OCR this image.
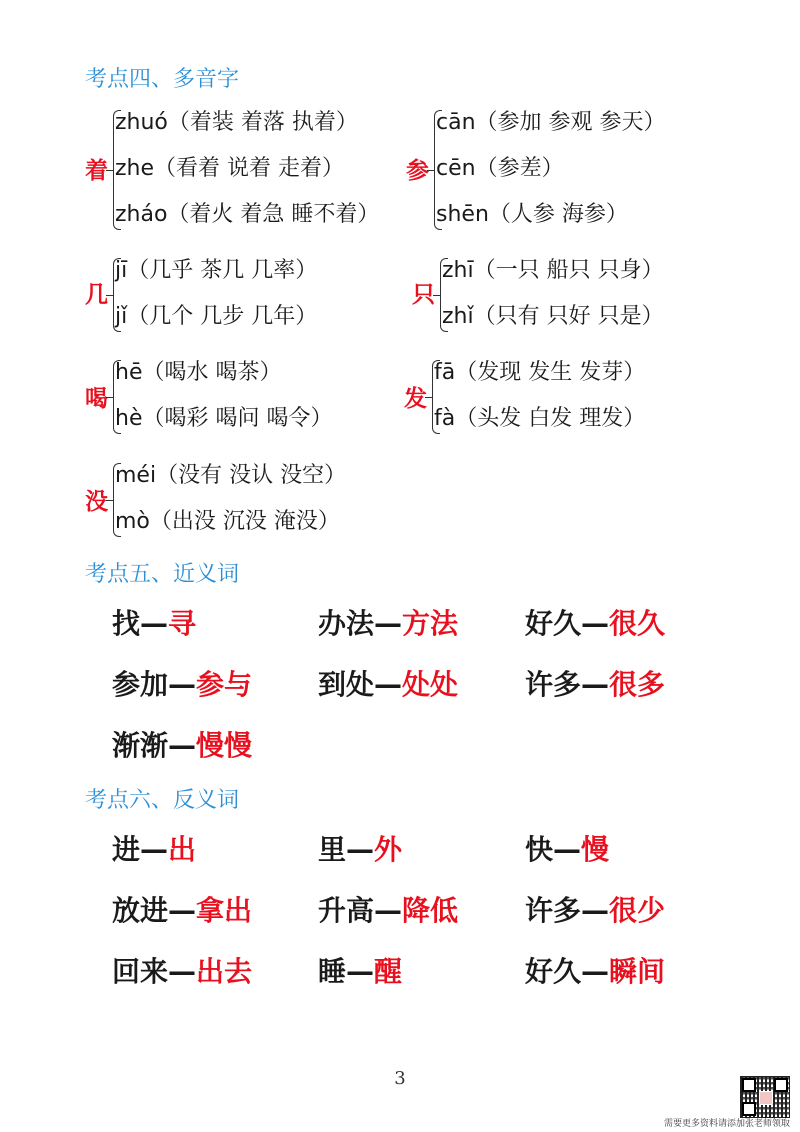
考点四、多音字
着
zhuó（着装 着落 执着）
zhe（看着 说着 走着）
zháo（着火 着急 睡不着）
参
cān（参加 参观 参天）
cēn（参差）
shēn（人参 海参）
几
jī（几乎 茶几 几率）
jǐ（几个 几步 几年）
只
zhī（一只 船只 只身）
zhǐ（只有 只好 只是）
喝
hē（喝水 喝茶）
hè（喝彩 喝问 喝令）
发
fā（发现 发生 发芽）
fà（头发 白发 理发）
没
méi（没有 没认 没空）
mò（出没 沉没 淹没）
考点五、近义词
找—寻	办法—方法 好久—很久
参加—参与 到处—处处 许多—很多
渐渐—慢慢
考点六、反义词
进—出	里—外	快—慢
放进—拿出 升高—降低 许多—很少
回来—出去 睡—醒	好久—瞬间
3
需要更多资料请添加张老师领取
